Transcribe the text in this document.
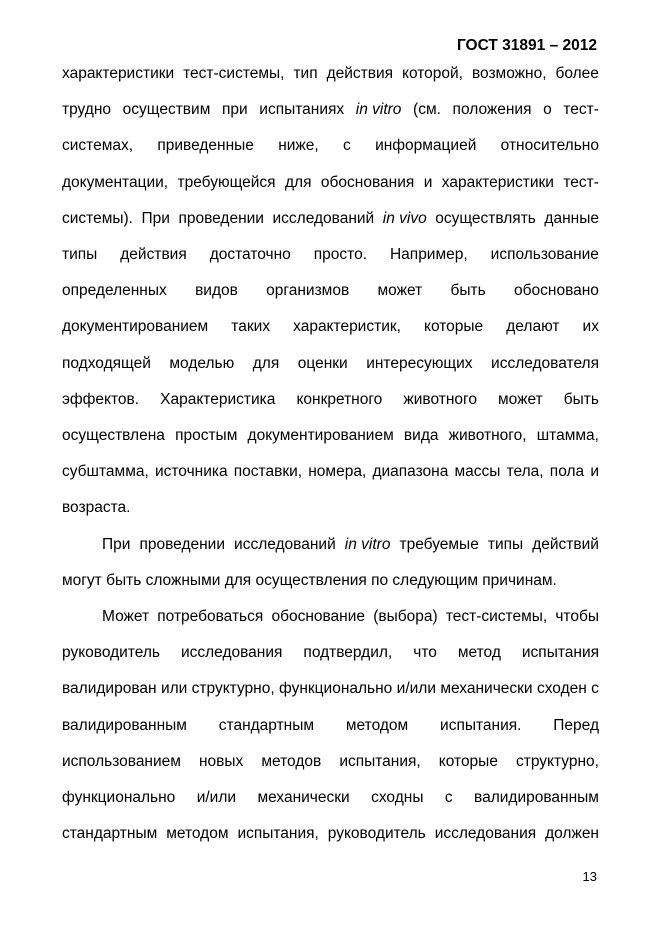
ГОСТ 31891 – 2012
характеристики тест-системы, тип действия которой, возможно, более
трудно осуществим при испытаниях in vitro (см. положения о тест-
системах, приведенные ниже, с информацией относительно
документации, требующейся для обоснования и характеристики тест-
системы). При проведении исследований in vivo осуществлять данные
типы действия достаточно просто. Например, использование
определенных видов организмов может быть обосновано
документированием таких характеристик, которые делают их
подходящей моделью для оценки интересующих исследователя
эффектов. Характеристика конкретного животного может быть
осуществлена простым документированием вида животного, штамма,
субштамма, источника поставки, номера, диапазона массы тела, пола и
возраста.
При проведении исследований in vitro требуемые типы действий
могут быть сложными для осуществления по следующим причинам.
Может потребоваться обоснование (выбора) тест-системы, чтобы
руководитель исследования подтвердил, что метод испытания
валидирован или структурно, функционально и/или механически сходен с
валидированным стандартным методом испытания. Перед
использованием новых методов испытания, которые структурно,
функционально и/или механически сходны с валидированным
стандартным методом испытания, руководитель исследования должен
13
